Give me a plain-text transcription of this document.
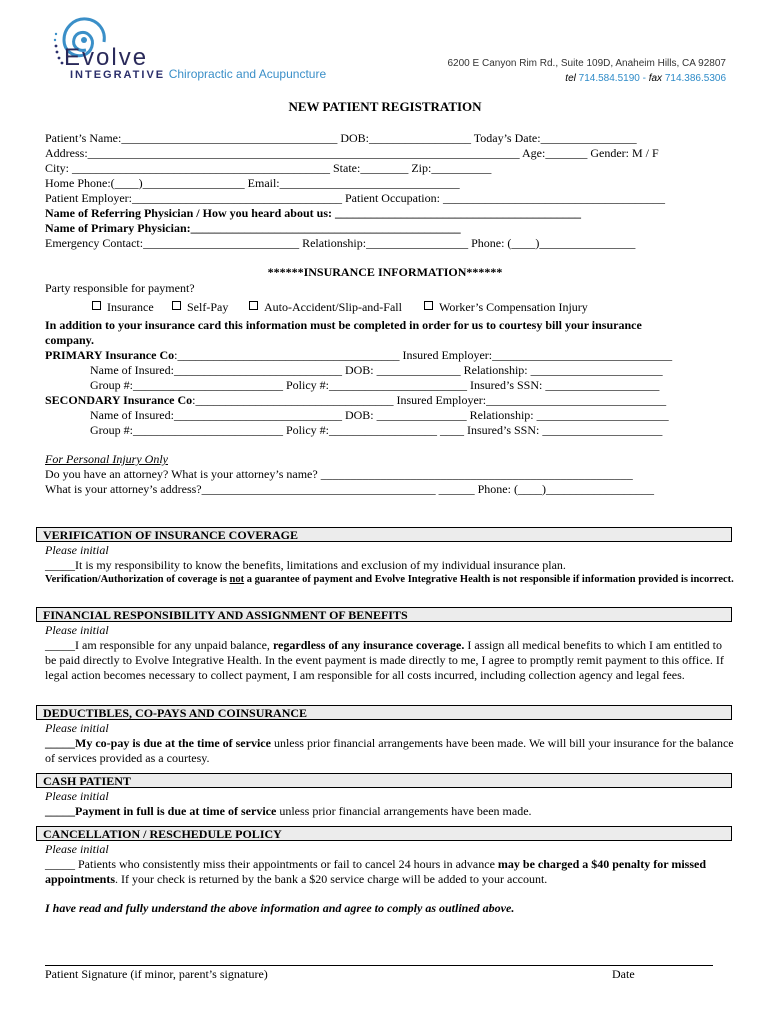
Evolve
INTEGRATIVE Chiropractic and Acupuncture
6200 E Canyon Rim Rd., Suite 109D, Anaheim Hills, CA 92807
tel 714.584.5190 - fax 714.386.5306
NEW PATIENT REGISTRATION
Patient’s Name:____________________________________ DOB:_________________ Today’s Date:________________
Address:________________________________________________________________________ Age:_______ Gender: M / F
City: ___________________________________________ State:________ Zip:__________
Home Phone:(____)_________________ Email:______________________________
Patient Employer:___________________________________ Patient Occupation: _____________________________________
Name of Referring Physician / How you heard about us: _________________________________________
Name of Primary Physician:_____________________________________________
Emergency Contact:__________________________ Relationship:_________________ Phone: (____)________________
******INSURANCE INFORMATION******
Party responsible for payment?
Insurance	Self-Pay	Auto-Accident/Slip-and-Fall	Worker’s Compensation Injury
In addition to your insurance card this information must be completed in order for us to courtesy bill your insurance company.
PRIMARY Insurance Co:_____________________________________ Insured Employer:______________________________
Name of Insured:____________________________ DOB: ______________ Relationship: ______________________
Group #:_________________________ Policy #:_______________________ Insured’s SSN: ___________________
SECONDARY Insurance Co:_________________________________ Insured Employer:______________________________
Name of Insured:____________________________ DOB: _______________ Relationship: ______________________
Group #:_________________________ Policy #:__________________ ____ Insured’s SSN: ____________________
For Personal Injury Only
Do you have an attorney? What is your attorney’s name? ____________________________________________________
What is your attorney’s address?_______________________________________ ______ Phone: (____)__________________
VERIFICATION OF INSURANCE COVERAGE
Please initial
_____It is my responsibility to know the benefits, limitations and exclusion of my individual insurance plan.
Verification/Authorization of coverage is not a guarantee of payment and Evolve Integrative Health is not responsible if information provided is incorrect.
FINANCIAL RESPONSIBILITY AND ASSIGNMENT OF BENEFITS
Please initial
_____I am responsible for any unpaid balance, regardless of any insurance coverage. I assign all medical benefits to which I am entitled to be paid directly to Evolve Integrative Health. In the event payment is made directly to me, I agree to promptly remit payment to this office. If legal action becomes necessary to collect payment, I am responsible for all costs incurred, including collection agency and legal fees.
DEDUCTIBLES, CO-PAYS AND COINSURANCE
Please initial
_____My co-pay is due at the time of service unless prior financial arrangements have been made. We will bill your insurance for the balance of services provided as a courtesy.
CASH PATIENT
Please initial
_____Payment in full is due at time of service unless prior financial arrangements have been made.
CANCELLATION / RESCHEDULE POLICY
Please initial
_____ Patients who consistently miss their appointments or fail to cancel 24 hours in advance may be charged a $40 penalty for missed appointments. If your check is returned by the bank a $20 service charge will be added to your account.
I have read and fully understand the above information and agree to comply as outlined above.
Patient Signature (if minor, parent’s signature)	Date
